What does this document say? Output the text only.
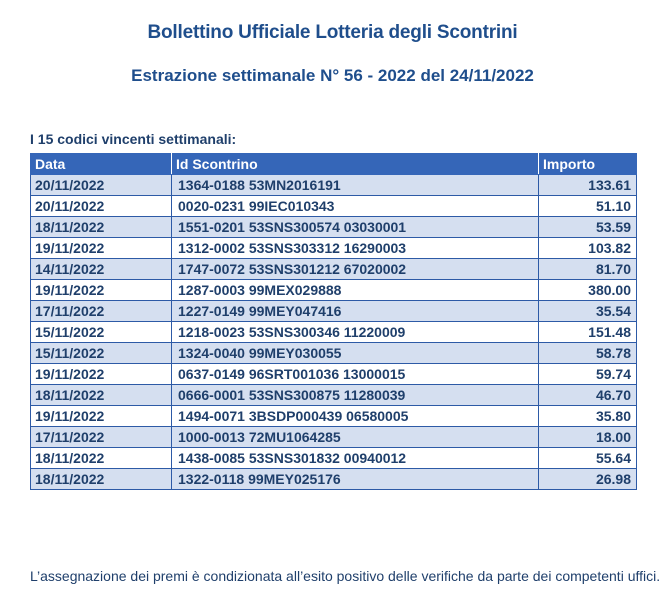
Bollettino Ufficiale Lotteria degli Scontrini
Estrazione settimanale N° 56 - 2022 del 24/11/2022
I 15 codici vincenti settimanali:
Data	Id Scontrino	Importo
20/11/2022	1364-0188 53MN2016191	133.61
20/11/2022	0020-0231 99IEC010343	51.10
18/11/2022	1551-0201 53SNS300574 03030001	53.59
19/11/2022	1312-0002 53SNS303312 16290003	103.82
14/11/2022	1747-0072 53SNS301212 67020002	81.70
19/11/2022	1287-0003 99MEX029888	380.00
17/11/2022	1227-0149 99MEY047416	35.54
15/11/2022	1218-0023 53SNS300346 11220009	151.48
15/11/2022	1324-0040 99MEY030055	58.78
19/11/2022	0637-0149 96SRT001036 13000015	59.74
18/11/2022	0666-0001 53SNS300875 11280039	46.70
19/11/2022	1494-0071 3BSDP000439 06580005	35.80
17/11/2022	1000-0013 72MU1064285	18.00
18/11/2022	1438-0085 53SNS301832 00940012	55.64
18/11/2022	1322-0118 99MEY025176	26.98
L’assegnazione dei premi è condizionata all’esito positivo delle verifiche da parte dei competenti uffici.
